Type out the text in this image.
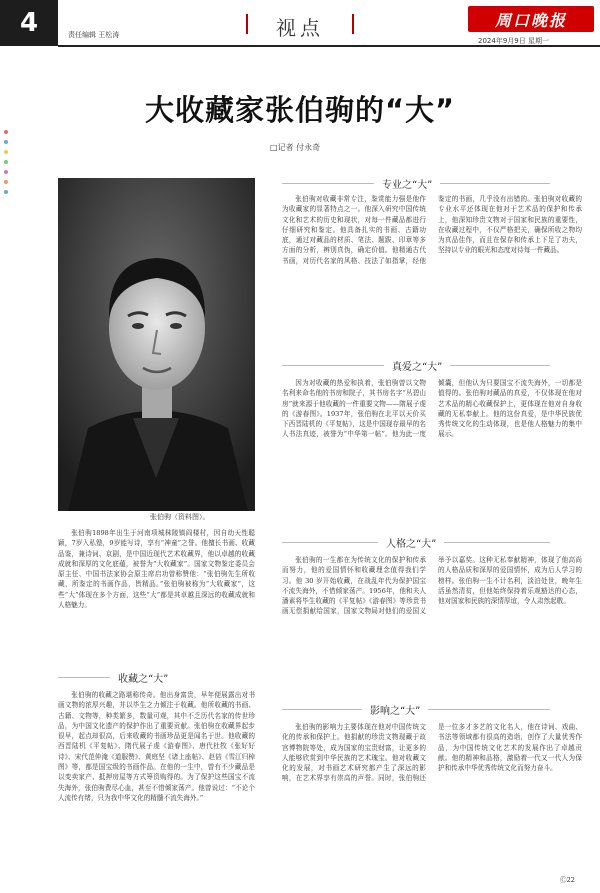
4	责任编辑 王松涛	视点	周口晚报
2024年9月9日 星期一
大收藏家张伯驹的“大”
□记者 付永奇
张伯驹（资料图）。

张伯驹1898年出生于河南项城秣陵镇阎楼村，因自幼天性聪颖，7岁入私塾，9岁能写诗，享有“神童”之誉。他擅长书画、收藏品鉴，兼诗词、京剧，是中国近现代艺术收藏界，他以卓越的收藏成就和深厚的文化底蕴，被誉为“大收藏家”。国家文物鉴定委员会原主任、中国书法家协会原主席启功曾称赞他：“张伯驹先生所收藏，所鉴定的书画作品，皆精品。”张伯驹被称为“大收藏家”，这些“大”体现在多个方面，这些“大”都是其卓越且深远的收藏成就和人格魅力。

收藏之“大”

张伯驹的收藏之路堪称传奇。他出身富贵，早年便展露出对书画文物的浓厚兴趣，并以毕生之力倾注于收藏。他所收藏的书画、古籍、文物等，种类繁多，数量可观，其中不乏历代名家的传世珍品，为中国文化遗产的保护作出了重要贡献。张伯驹在收藏界起步很早，起点却很高，后来收藏的书画珍品更是闻名于世。他收藏的西晋陆机《平复帖》、隋代展子虔《游春图》、唐代杜牧《张好好诗》、宋代范仲淹《道服赞》、黄庭坚《诸上座帖》、赵佶《雪江归棹图》等，都是国宝级的书画作品。在他的一生中，曾有不少藏品是以变卖家产、抵押房屋等方式筹资购得的。为了保护这些国宝不流失海外，张伯驹费尽心血，甚至不惜倾家荡产。他曾说过：“不论个人流传有绪，只为我中华文化的精髓不流失海外。”

专业之“大”

张伯驹对收藏非常专注，鉴赏能力强是他作为收藏家的显著特点之一。他深入研究中国传统文化和艺术的历史和现状，对每一件藏品都进行仔细研究和鉴定。他具备扎实的书画、古籍功底，通过对藏品的材质、笔法、题跋、印章等多方面的分析，辨别真伪，确定价值。他精通古代书画，对历代名家的风格、技法了如指掌，经他鉴定的书画，几乎没有出错的。张伯驹对收藏的专业水平还体现在他对于艺术品的保护和传承上，他深知珍贵文物对于国家和民族的重要性，在收藏过程中，不仅严格把关，确保所收之物均为真品佳作，而且在保存和传承上下足了功夫，坚持以专业的眼光和态度对待每一件藏品。

真爱之“大”

因为对收藏的热爱和执着，张伯驹曾以文物名利来命名他的书房和院子，其书房名字“丛碧山房”就来源于他收藏的一件重要文物——隋展子虔的《游春图》。1937年，张伯驹在北平以天价买下西晋陆机的《平复帖》，这是中国现存最早的名人书法真迹，被誉为“中华第一帖”。他为此一度倾囊，但他认为只要国宝不流失海外，一切都是值得的。张伯驹对藏品的真爱，不仅体现在他对艺术品的精心收藏保护上，更体现在他对自身收藏的无私奉献上。他的这份真爱，是中华民族优秀传统文化的生动体现，也是他人格魅力的集中展示。

人格之“大”

张伯驹的一生都在为传统文化的保护和传承而努力，他的爱国情怀和收藏理念值得我们学习。他 30 岁开始收藏，在战乱年代为保护国宝不流失海外，不惜倾家荡产。1956年，他和夫人潘素将毕生收藏的《平复帖》《游春图》等珍贵书画无偿捐献给国家，国家文物局对他们的爱国义举予以嘉奖。这种无私奉献精神，体现了他高尚的人格品质和深厚的爱国情怀，成为后人学习的榜样。张伯驹一生不计名利，淡泊处世，晚年生活虽然清贫，但他始终保持着乐观豁达的心态，他对国家和民族的深情厚谊，令人肃然起敬。

影响之“大”

张伯驹的影响力主要体现在他对中国传统文化的传承和保护上。他捐献的珍贵文物现藏于故宫博物院等处，成为国家的宝贵财富，让更多的人能够欣赏到中华民族的艺术瑰宝。他对收藏文化的发展，对书画艺术研究都产生了深远的影响，在艺术界享有崇高的声誉。同时，张伯驹还是一位多才多艺的文化名人，他在诗词、戏曲、书法等领域都有很高的造诣，创作了大量优秀作品，为中国传统文化艺术的发展作出了卓越贡献。他的精神和品格，激励着一代又一代人为保护和传承中华优秀传统文化而努力奋斗。

Ⓒ22
